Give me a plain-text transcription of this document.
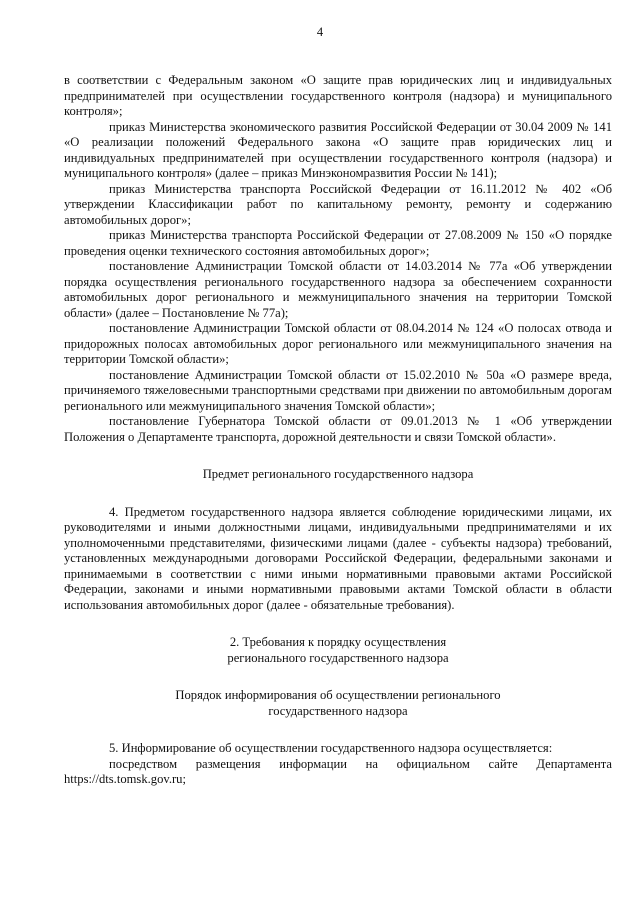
4

в соответствии с Федеральным законом «О защите прав юридических лиц и индивидуальных предпринимателей при осуществлении государственного контроля (надзора) и муниципального контроля»;

приказ Министерства экономического развития Российской Федерации от 30.04 2009 № 141 «О реализации положений Федерального закона «О защите прав юридических лиц и индивидуальных предпринимателей при осуществлении государственного контроля (надзора) и муниципального контроля» (далее – приказ Минэкономразвития России № 141);

приказ Министерства транспорта Российской Федерации от 16.11.2012 № 402 «Об утверждении Классификации работ по капитальному ремонту, ремонту и содержанию автомобильных дорог»;

приказ Министерства транспорта Российской Федерации от 27.08.2009 № 150 «О порядке проведения оценки технического состояния автомобильных дорог»;

постановление Администрации Томской области от 14.03.2014 № 77а «Об утверждении порядка осуществления регионального государственного надзора за обеспечением сохранности автомобильных дорог регионального и межмуниципального значения на территории Томской области» (далее – Постановление № 77а);

постановление Администрации Томской области от 08.04.2014 № 124 «О полосах отвода и придорожных полосах автомобильных дорог регионального или межмуниципального значения на территории Томской области»;

постановление Администрации Томской области от 15.02.2010 № 50а «О размере вреда, причиняемого тяжеловесными транспортными средствами при движении по автомобильным дорогам регионального или межмуниципального значения Томской области»;

постановление Губернатора Томской области от 09.01.2013 № 1 «Об утверждении Положения о Департаменте транспорта, дорожной деятельности и связи Томской области».

Предмет регионального государственного надзора

4. Предметом государственного надзора является соблюдение юридическими лицами, их руководителями и иными должностными лицами, индивидуальными предпринимателями и их уполномоченными представителями, физическими лицами (далее - субъекты надзора) требований, установленных международными договорами Российской Федерации, федеральными законами и принимаемыми в соответствии с ними иными нормативными правовыми актами Российской Федерации, законами и иными нормативными правовыми актами Томской области в области использования автомобильных дорог (далее - обязательные требования).

2. Требования к порядку осуществления

регионального государственного надзора

Порядок информирования об осуществлении регионального

государственного надзора

5. Информирование об осуществлении государственного надзора осуществляется:

посредством размещения информации на официальном сайте Департамента https://dts.tomsk.gov.ru;
